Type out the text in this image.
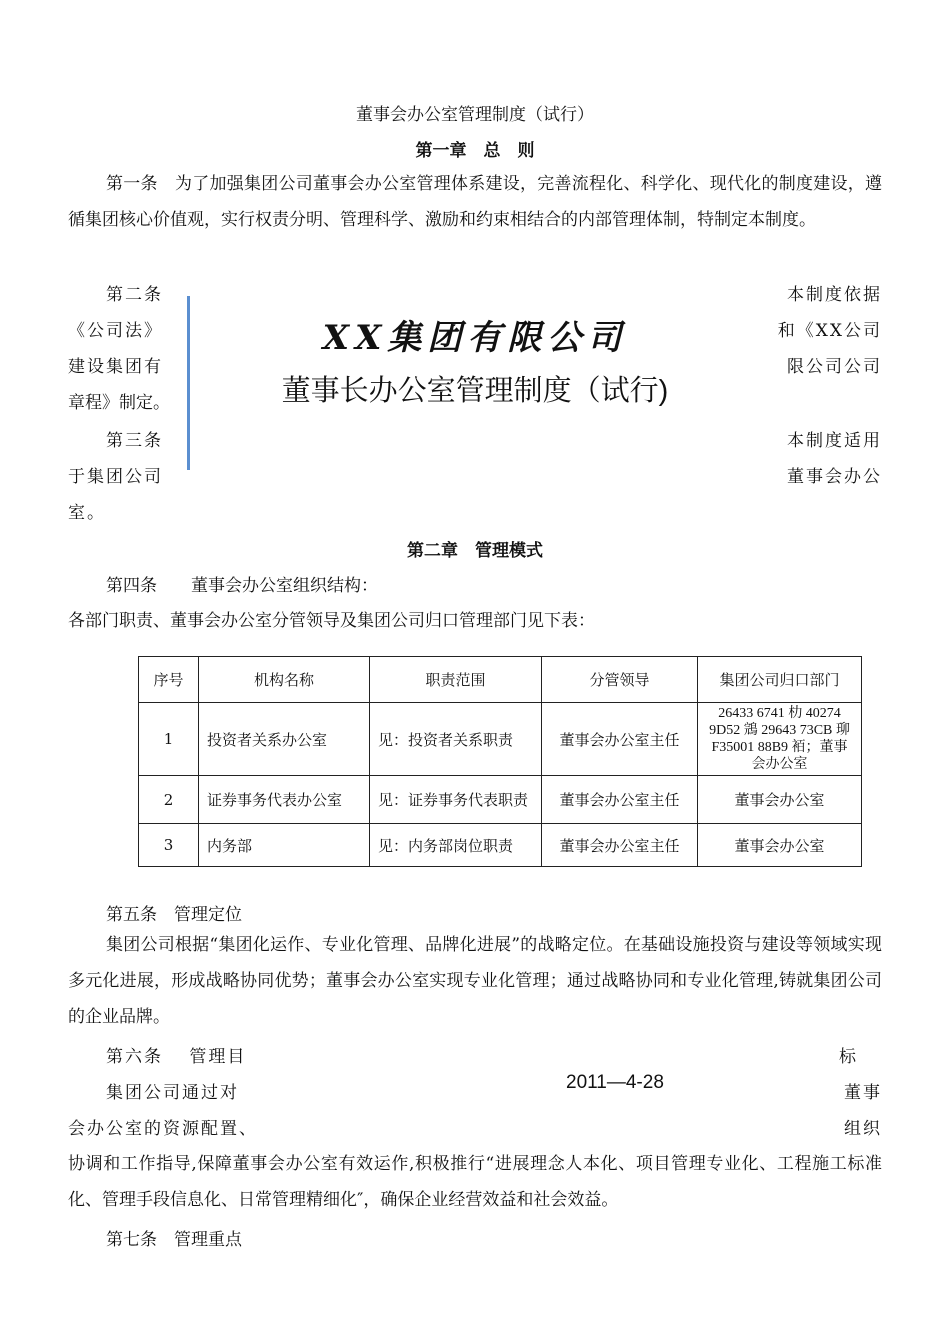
董事会办公室管理制度（试行）
第一章　总　则
第一条　为了加强集团公司董事会办公室管理体系建设，完善流程化、科学化、现代化的制度建设，遵循集团核心价值观，实行权责分明、管理科学、激励和约束相结合的内部管理体制，特制定本制度。
第二条	本制度依据
《公司法》	和《XX公司
建设集团有	限公司公司
章程》制定。
第三条	本制度适用
于集团公司	董事会办公
室。
XX集团有限公司
董事长办公室管理制度（试行)
第二章　管理模式
第四条　　董事会办公室组织结构：
各部门职责、董事会办公室分管领导及集团公司归口管理部门见下表：
序号	机构名称	职责范围	分管领导	集团公司归口部门
1	投资者关系办公室	见：投资者关系职责	董事会办公室主任	26433 6741 朸 40274 9D52 鵍 29643 73CB 珋 F35001 88B9 袹；董事会办公室
2	证券事务代表办公室	见：证券事务代表职责	董事会办公室主任	董事会办公室
3	内务部	见：内务部岗位职责	董事会办公室主任	董事会办公室
第五条　管理定位
集团公司根据“集团化运作、专业化管理、品牌化进展”的战略定位。在基础设施投资与建设等领域实现多元化进展，形成战略协同优势；董事会办公室实现专业化管理；通过战略协同和专业化管理,铸就集团公司的企业品牌。
第六条　 管理目	标
集团公司通过对	董事
会办公室的资源配置、	组织
协调和工作指导,保障董事会办公室有效运作,积极推行“进展理念人本化、项目管理专业化、工程施工标准化、管理手段信息化、日常管理精细化″，确保企业经营效益和社会效益。
2011—4-28
第七条　管理重点
